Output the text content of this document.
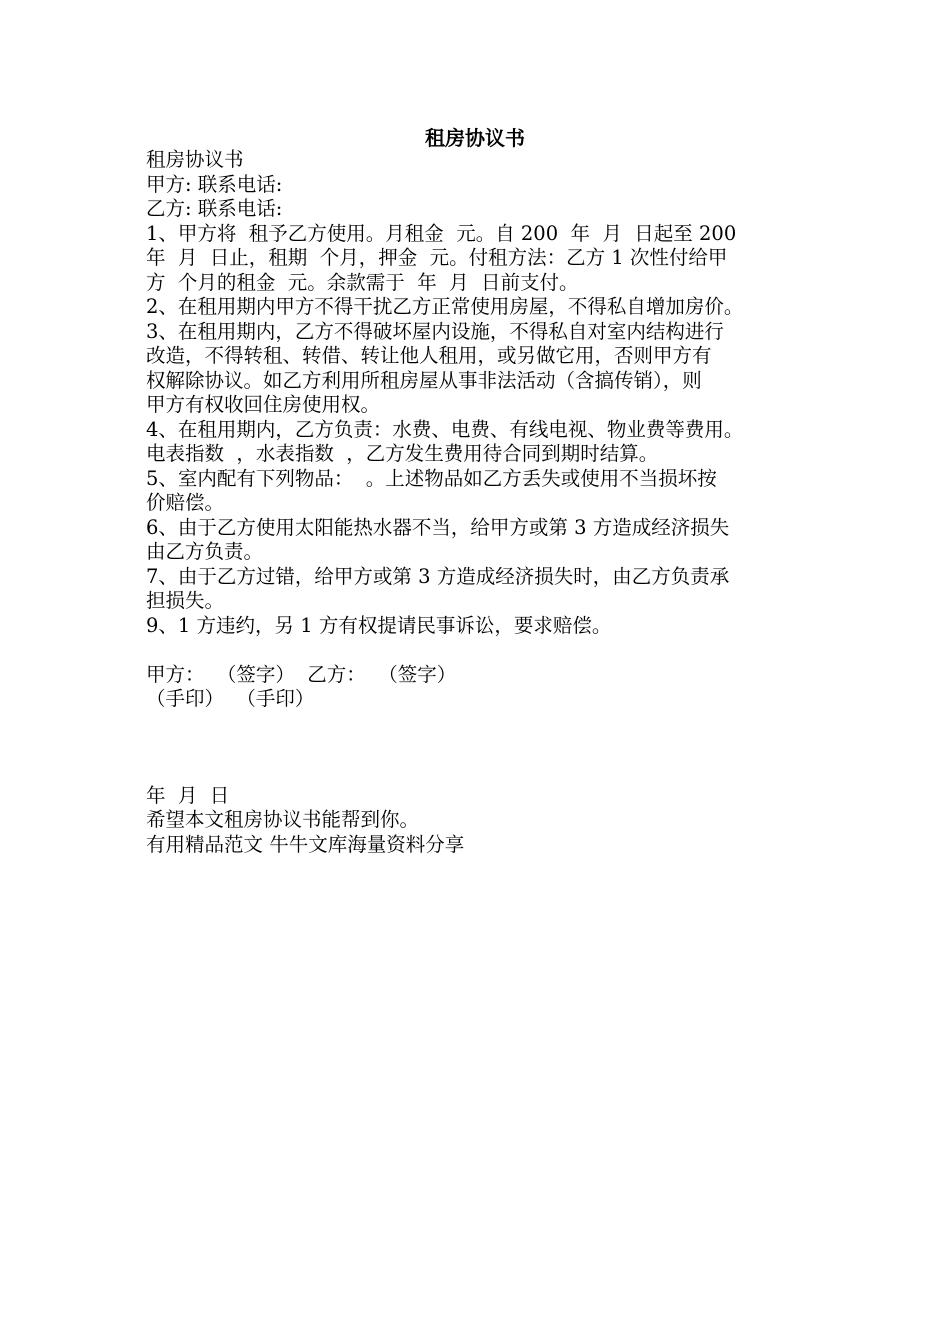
租房协议书
租房协议书
甲方: 联系电话:
乙方: 联系电话:
1、甲方将  租予乙方使用。月租金  元。自 200  年  月  日起至 200
年  月  日止，租期  个月，押金  元。付租方法：乙方 1 次性付给甲
方  个月的租金  元。余款需于  年  月  日前支付。
2、在租用期内甲方不得干扰乙方正常使用房屋，不得私自增加房价。
3、在租用期内，乙方不得破坏屋内设施，不得私自对室内结构进行
改造，不得转租、转借、转让他人租用，或另做它用，否则甲方有
权解除协议。如乙方利用所租房屋从事非法活动（含搞传销），则
甲方有权收回住房使用权。
4、在租用期内，乙方负责：水费、电费、有线电视、物业费等费用。
电表指数  ，水表指数  ，乙方发生费用待合同到期时结算。
5、室内配有下列物品：  。上述物品如乙方丢失或使用不当损坏按
价赔偿。
6、由于乙方使用太阳能热水器不当，给甲方或第 3 方造成经济损失
由乙方负责。
7、由于乙方过错，给甲方或第 3 方造成经济损失时，由乙方负责承
担损失。
9、1 方违约，另 1 方有权提请民事诉讼，要求赔偿。
甲方：  （签字）  乙方：  （签字）
（手印）  （手印）
年  月  日
希望本文租房协议书能帮到你。
有用精品范文 牛牛文库海量资料分享
